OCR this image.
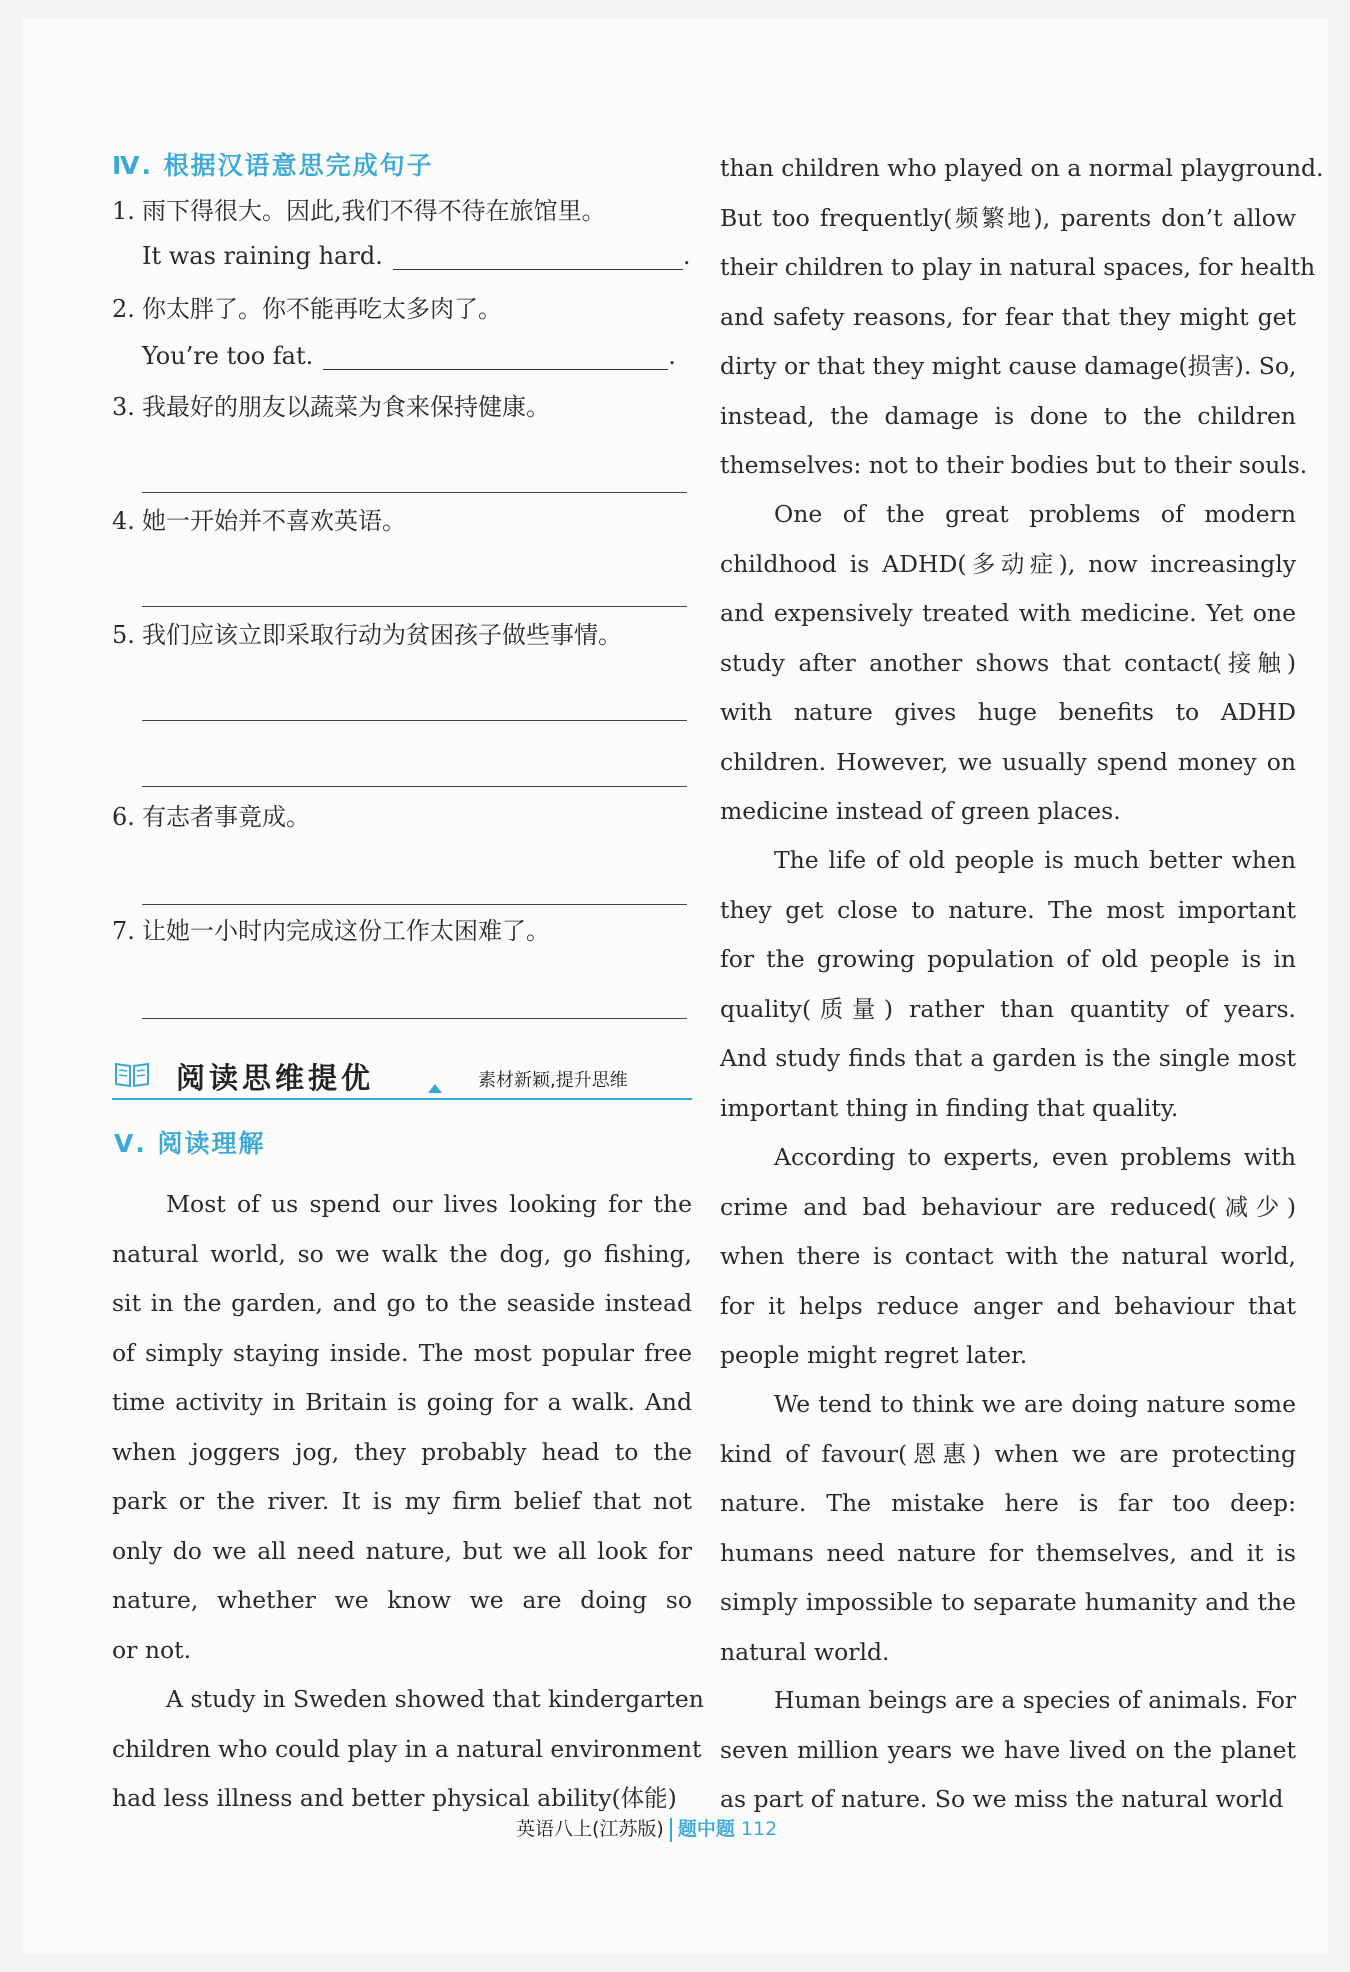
Ⅳ. 根据汉语意思完成句子
1. 雨下得很大。因此,我们不得不待在旅馆里。
It was raining hard.	.
2. 你太胖了。你不能再吃太多肉了。
You’re too fat.	.
3. 我最好的朋友以蔬菜为食来保持健康。
4. 她一开始并不喜欢英语。
5. 我们应该立即采取行动为贫困孩子做些事情。
6. 有志者事竟成。
7. 让她一小时内完成这份工作太困难了。
阅读思维提优	素材新颖,提升思维
Ⅴ. 阅读理解
Most of us spend our lives looking for the
natural world, so we walk the dog, go fishing,
sit in the garden, and go to the seaside instead
of simply staying inside. The most popular free
time activity in Britain is going for a walk. And
when joggers jog, they probably head to the
park or the river. It is my firm belief that not
only do we all need nature, but we all look for
nature, whether we know we are doing so
or not.
A study in Sweden showed that kindergarten
children who could play in a natural environment
had less illness and better physical ability(体能)
than children who played on a normal playground.
But too frequently(频繁地), parents don’t allow
their children to play in natural spaces, for health
and safety reasons, for fear that they might get
dirty or that they might cause damage(损害). So,
instead, the damage is done to the children
themselves: not to their bodies but to their souls.
One of the great problems of modern
childhood is ADHD(多动症), now increasingly
and expensively treated with medicine. Yet one
study after another shows that contact(接触)
with nature gives huge benefits to ADHD
children. However, we usually spend money on
medicine instead of green places.
The life of old people is much better when
they get close to nature. The most important
for the growing population of old people is in
quality(质量) rather than quantity of years.
And study finds that a garden is the single most
important thing in finding that quality.
According to experts, even problems with
crime and bad behaviour are reduced(减少)
when there is contact with the natural world,
for it helps reduce anger and behaviour that
people might regret later.
We tend to think we are doing nature some
kind of favour(恩惠) when we are protecting
nature. The mistake here is far too deep:
humans need nature for themselves, and it is
simply impossible to separate humanity and the
natural world.
Human beings are a species of animals. For
seven million years we have lived on the planet
as part of nature. So we miss the natural world
英语八上(江苏版) 题中题 112
